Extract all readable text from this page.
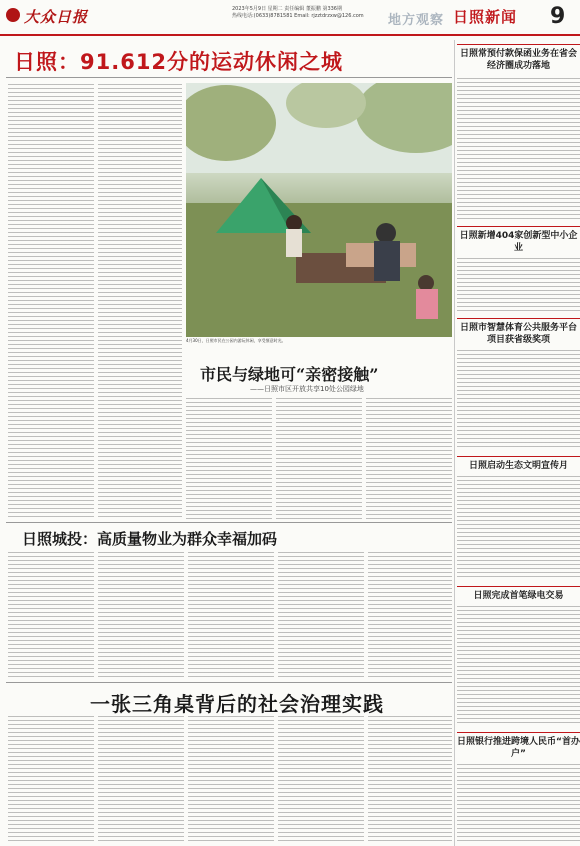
大众日报	2023年5月9日 星期二 责任编辑 董振鹏 第336期
热线电话:(0633)8781581 Email: rjzztdrzxw@126.com 地方观察 日照新闻 9
日照：91.612分的运动休闲之城
4月30日，日照市民在公园内游玩休闲，享受惬意时光。
市民与绿地可“亲密接触”
——日照市区开放共享10处公园绿地
日照城投：高质量物业为群众幸福加码
一张三角桌背后的社会治理实践
日照常预付款保函业务在省会经济圈成功落地
日照新增404家创新型中小企业
日照市智慧体育公共服务平台项目获省级奖项
日照启动生态文明宣传月
日照完成首笔绿电交易
日照银行推进跨境人民币“首办户”
